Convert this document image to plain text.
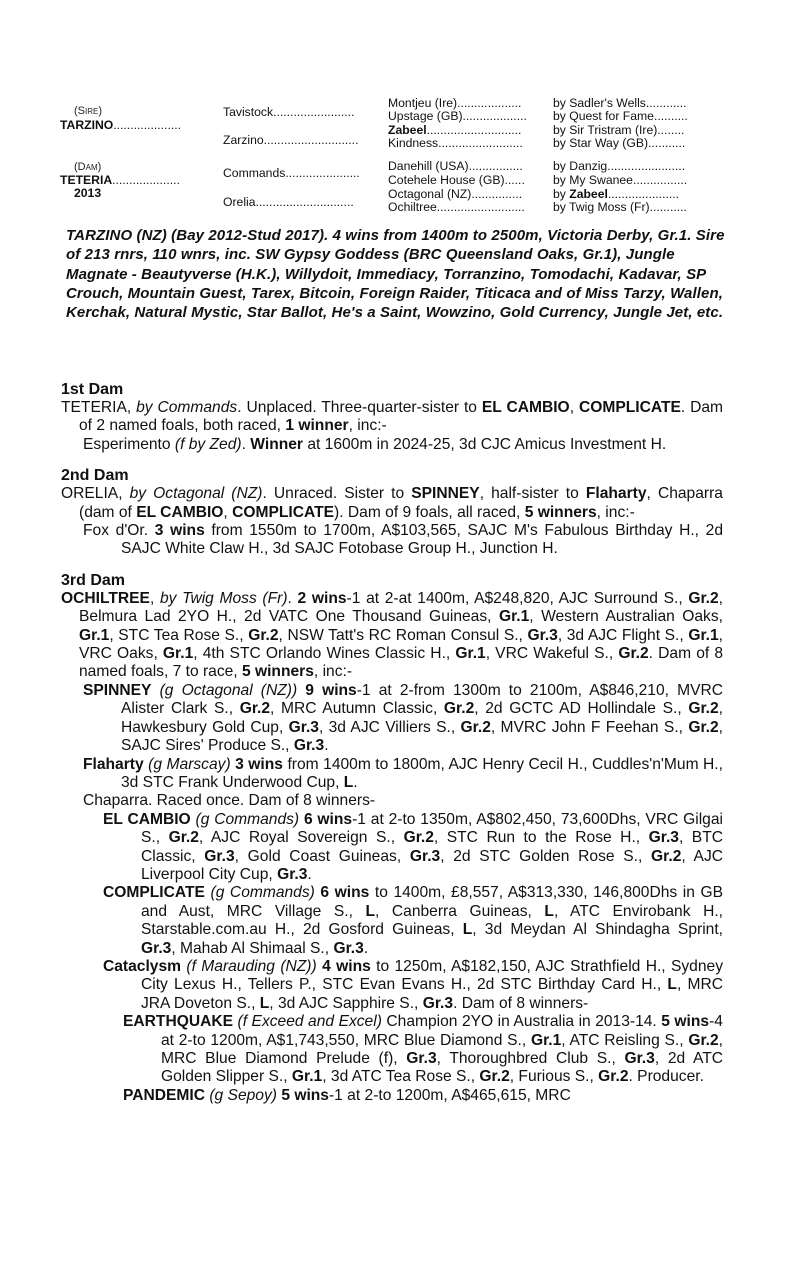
(Sire)
TARZINO....................
(Dam)
TETERIA....................
2013
Tavistock........................
Zarzino............................
Commands......................
Orelia.............................
Montjeu (Ire)...................
Upstage (GB)...................
Zabeel............................
Kindness.........................
Danehill (USA)................
Cotehele House (GB)......
Octagonal (NZ)...............
Ochiltree..........................
by Sadler's Wells............
by Quest for Fame..........
by Sir Tristram (Ire)........
by Star Way (GB)...........
by Danzig.......................
by My Swanee................
by Zabeel.....................
by Twig Moss (Fr)...........
TARZINO (NZ) (Bay 2012-Stud 2017). 4 wins from 1400m to 2500m, Victoria Derby, Gr.1. Sire of 213 rnrs, 110 wnrs, inc. SW Gypsy Goddess (BRC Queensland Oaks, Gr.1), Jungle Magnate - Beautyverse (H.K.), Willydoit, Immediacy, Torranzino, Tomodachi, Kadavar, SP Crouch, Mountain Guest, Tarex, Bitcoin, Foreign Raider, Titicaca and of Miss Tarzy, Wallen, Kerchak, Natural Mystic, Star Ballot, He's a Saint, Wowzino, Gold Currency, Jungle Jet, etc.

1st Dam

TETERIA, by Commands. Unplaced. Three-quarter-sister to EL CAMBIO, COMPLICATE. Dam of 2 named foals, both raced, 1 winner, inc:-

Esperimento (f by Zed). Winner at 1600m in 2024-25, 3d CJC Amicus Investment H.

2nd Dam

ORELIA, by Octagonal (NZ). Unraced. Sister to SPINNEY, half-sister to Flaharty, Chaparra (dam of EL CAMBIO, COMPLICATE). Dam of 9 foals, all raced, 5 winners, inc:-

Fox d'Or. 3 wins from 1550m to 1700m, A$103,565, SAJC M's Fabulous Birthday H., 2d SAJC White Claw H., 3d SAJC Fotobase Group H., Junction H.

3rd Dam

OCHILTREE, by Twig Moss (Fr). 2 wins-1 at 2-at 1400m, A$248,820, AJC Surround S., Gr.2, Belmura Lad 2YO H., 2d VATC One Thousand Guineas, Gr.1, Western Australian Oaks, Gr.1, STC Tea Rose S., Gr.2, NSW Tatt's RC Roman Consul S., Gr.3, 3d AJC Flight S., Gr.1, VRC Oaks, Gr.1, 4th STC Orlando Wines Classic H., Gr.1, VRC Wakeful S., Gr.2. Dam of 8 named foals, 7 to race, 5 winners, inc:-

SPINNEY (g Octagonal (NZ)) 9 wins-1 at 2-from 1300m to 2100m, A$846,210, MVRC Alister Clark S., Gr.2, MRC Autumn Classic, Gr.2, 2d GCTC AD Hollindale S., Gr.2, Hawkesbury Gold Cup, Gr.3, 3d AJC Villiers S., Gr.2, MVRC John F Feehan S., Gr.2, SAJC Sires' Produce S., Gr.3.

Flaharty (g Marscay) 3 wins from 1400m to 1800m, AJC Henry Cecil H., Cuddles'n'Mum H., 3d STC Frank Underwood Cup, L.

Chaparra. Raced once. Dam of 8 winners-

EL CAMBIO (g Commands) 6 wins-1 at 2-to 1350m, A$802,450, 73,600Dhs, VRC Gilgai S., Gr.2, AJC Royal Sovereign S., Gr.2, STC Run to the Rose H., Gr.3, BTC Classic, Gr.3, Gold Coast Guineas, Gr.3, 2d STC Golden Rose S., Gr.2, AJC Liverpool City Cup, Gr.3.

COMPLICATE (g Commands) 6 wins to 1400m, £8,557, A$313,330, 146,800Dhs in GB and Aust, MRC Village S., L, Canberra Guineas, L, ATC Envirobank H., Starstable.com.au H., 2d Gosford Guineas, L, 3d Meydan Al Shindagha Sprint, Gr.3, Mahab Al Shimaal S., Gr.3.

Cataclysm (f Marauding (NZ)) 4 wins to 1250m, A$182,150, AJC Strathfield H., Sydney City Lexus H., Tellers P., STC Evan Evans H., 2d STC Birthday Card H., L, MRC JRA Doveton S., L, 3d AJC Sapphire S., Gr.3. Dam of 8 winners-

EARTHQUAKE (f Exceed and Excel) Champion 2YO in Australia in 2013-14. 5 wins-4 at 2-to 1200m, A$1,743,550, MRC Blue Diamond S., Gr.1, ATC Reisling S., Gr.2, MRC Blue Diamond Prelude (f), Gr.3, Thoroughbred Club S., Gr.3, 2d ATC Golden Slipper S., Gr.1, 3d ATC Tea Rose S., Gr.2, Furious S., Gr.2. Producer.

PANDEMIC (g Sepoy) 5 wins-1 at 2-to 1200m, A$465,615, MRC
